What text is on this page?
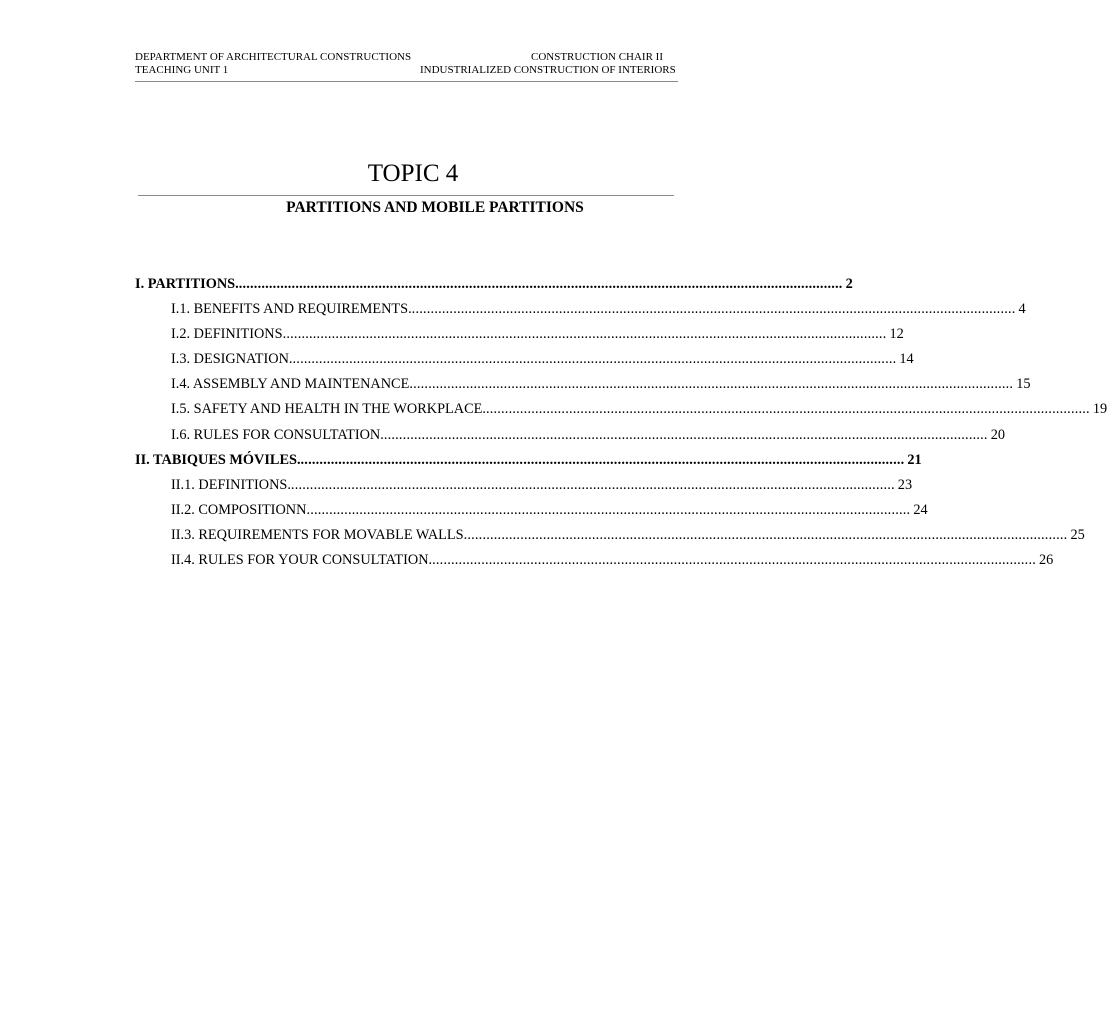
DEPARTMENT OF ARCHITECTURAL CONSTRUCTIONS	CONSTRUCTION CHAIR II
TEACHING UNIT 1	INDUSTRIALIZED CONSTRUCTION OF INTERIORS
TOPIC 4
PARTITIONS AND MOBILE PARTITIONS
I. PARTITIONS. ................................................................................................................................................................ 2
I.1. BENEFITS AND REQUIREMENTS. ................................................................................................................................................................ 4
I.2. DEFINITIONS ................................................................................................................................................................ 12
I.3. DESIGNATION. ................................................................................................................................................................ 14
I.4. ASSEMBLY AND MAINTENANCE ................................................................................................................................................................ 15
I.5. SAFETY AND HEALTH IN THE WORKPLACE. ................................................................................................................................................................ 19
I.6. RULES FOR CONSULTATION. ................................................................................................................................................................ 20
II. TABIQUES MÓVILES. ................................................................................................................................................................ 21
II.1. DEFINITIONS. ................................................................................................................................................................ 23
II.2. COMPOSITIONN ................................................................................................................................................................ 24
II.3. REQUIREMENTS FOR MOVABLE WALLS ................................................................................................................................................................ 25
II.4. RULES FOR YOUR CONSULTATION. ................................................................................................................................................................ 26
